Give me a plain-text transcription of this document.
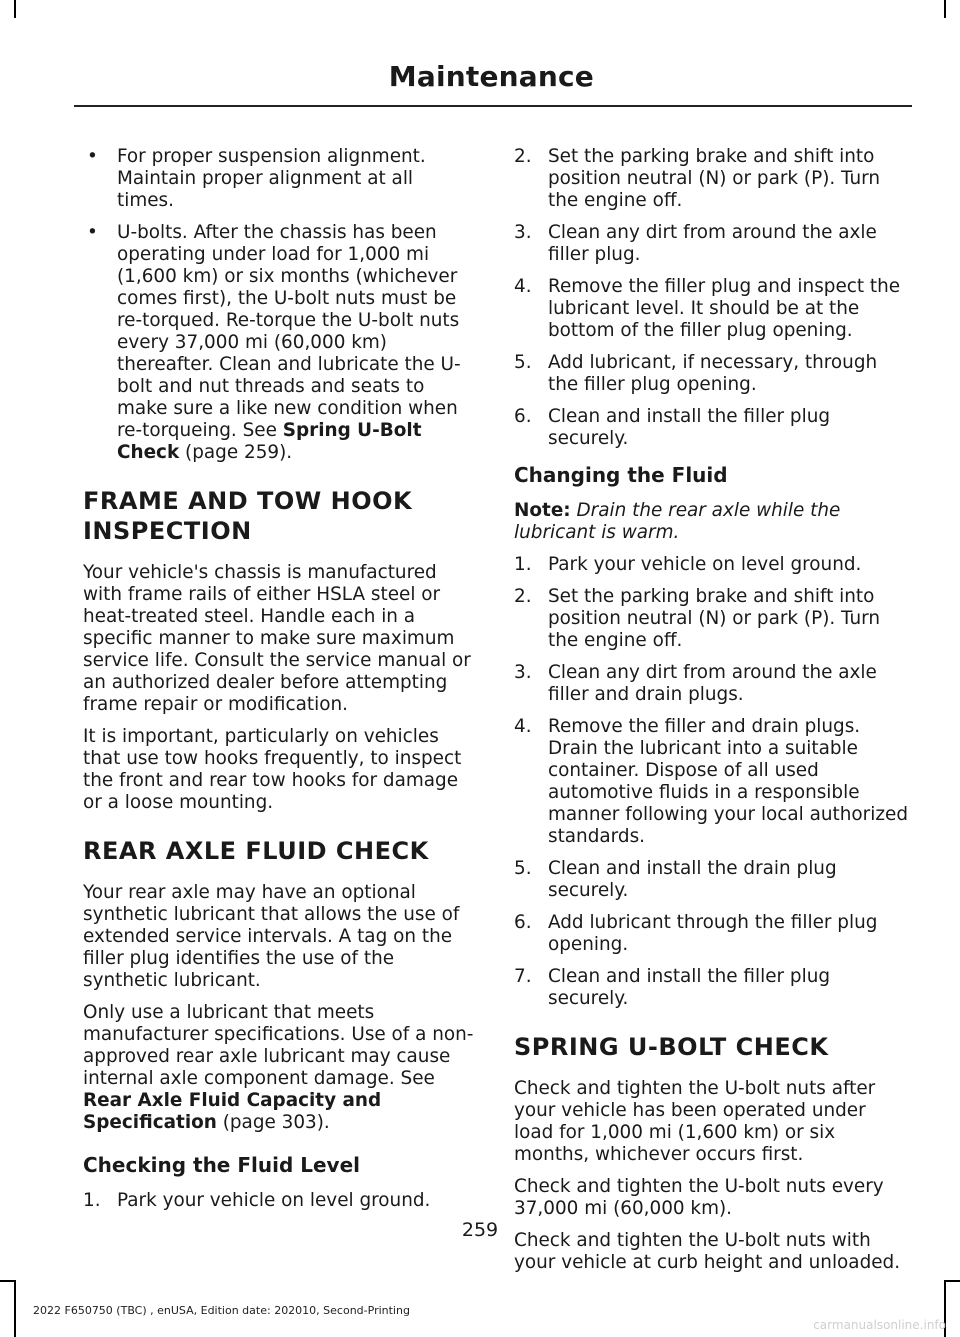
Maintenance
• For proper suspension alignment. Maintain proper alignment at all times.
• U-bolts. After the chassis has been operating under load for 1,000 mi (1,600 km) or six months (whichever comes first), the U-bolt nuts must be re-torqued. Re-torque the U-bolt nuts every 37,000 mi (60,000 km) thereafter. Clean and lubricate the U-bolt and nut threads and seats to make sure a like new condition when re-torqueing. See Spring U-Bolt Check (page 259).
FRAME AND TOW HOOK INSPECTION

Your vehicle's chassis is manufactured with frame rails of either HSLA steel or heat-treated steel. Handle each in a specific manner to make sure maximum service life. Consult the service manual or an authorized dealer before attempting frame repair or modification.

It is important, particularly on vehicles that use tow hooks frequently, to inspect the front and rear tow hooks for damage or a loose mounting.

REAR AXLE FLUID CHECK

Your rear axle may have an optional synthetic lubricant that allows the use of extended service intervals. A tag on the filler plug identifies the use of the synthetic lubricant.

Only use a lubricant that meets manufacturer specifications. Use of a non-approved rear axle lubricant may cause internal axle component damage. See Rear Axle Fluid Capacity and Specification (page 303).

Checking the Fluid Level
1. Park your vehicle on level ground.
2. Set the parking brake and shift into position neutral (N) or park (P). Turn the engine off.
3. Clean any dirt from around the axle filler plug.
4. Remove the filler plug and inspect the lubricant level. It should be at the bottom of the filler plug opening.
5. Add lubricant, if necessary, through the filler plug opening.
6. Clean and install the filler plug securely.
Changing the Fluid

Note: Drain the rear axle while the lubricant is warm.

1. Park your vehicle on level ground.
2. Set the parking brake and shift into position neutral (N) or park (P). Turn the engine off.
3. Clean any dirt from around the axle filler and drain plugs.
4. Remove the filler and drain plugs. Drain the lubricant into a suitable container. Dispose of all used automotive fluids in a responsible manner following your local authorized standards.
5. Clean and install the drain plug securely.
6. Add lubricant through the filler plug opening.
7. Clean and install the filler plug securely.
SPRING U-BOLT CHECK

Check and tighten the U-bolt nuts after your vehicle has been operated under load for 1,000 mi (1,600 km) or six months, whichever occurs first.

Check and tighten the U-bolt nuts every 37,000 mi (60,000 km).

Check and tighten the U-bolt nuts with your vehicle at curb height and unloaded.

259
2022 F650750 (TBC) , enUSA, Edition date: 202010, Second-Printing
carmanualsonline.info
